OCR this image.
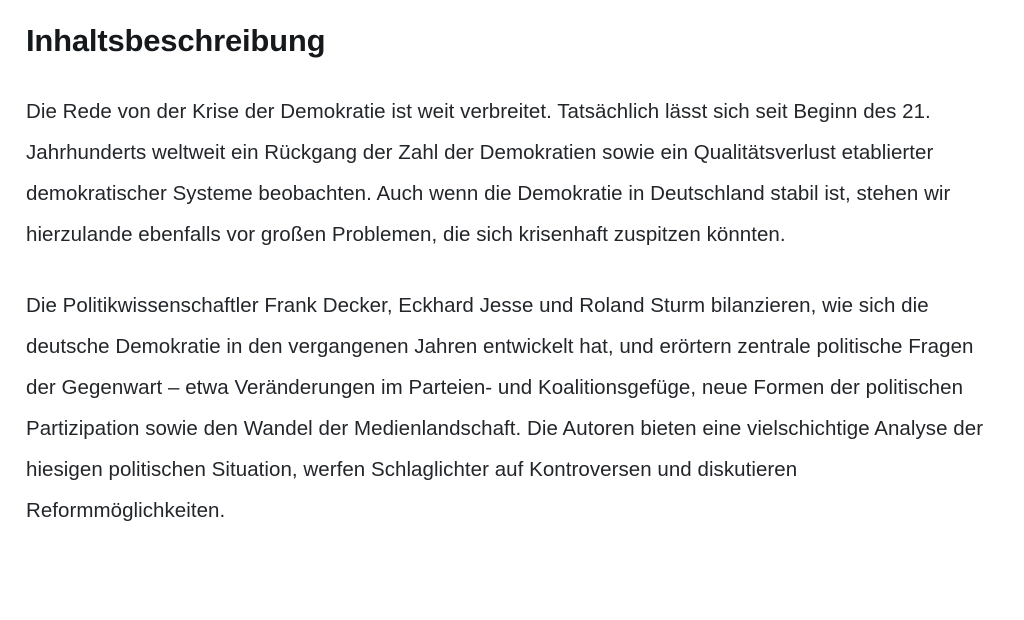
Inhaltsbeschreibung

Die Rede von der Krise der Demokratie ist weit verbreitet. Tatsächlich lässt sich seit Beginn des 21. Jahrhunderts weltweit ein Rückgang der Zahl der Demokratien sowie ein Qualitätsverlust etablierter demokratischer Systeme beobachten. Auch wenn die Demokratie in Deutschland stabil ist, stehen wir hierzulande ebenfalls vor großen Problemen, die sich krisenhaft zuspitzen könnten.

Die Politikwissenschaftler Frank Decker, Eckhard Jesse und Roland Sturm bilanzieren, wie sich die deutsche Demokratie in den vergangenen Jahren entwickelt hat, und erörtern zentrale politische Fragen der Gegenwart – etwa Veränderungen im Parteien- und Koalitionsgefüge, neue Formen der politischen Partizipation sowie den Wandel der Medienlandschaft. Die Autoren bieten eine vielschichtige Analyse der hiesigen politischen Situation, werfen Schlaglichter auf Kontroversen und diskutieren Reformmöglichkeiten.
